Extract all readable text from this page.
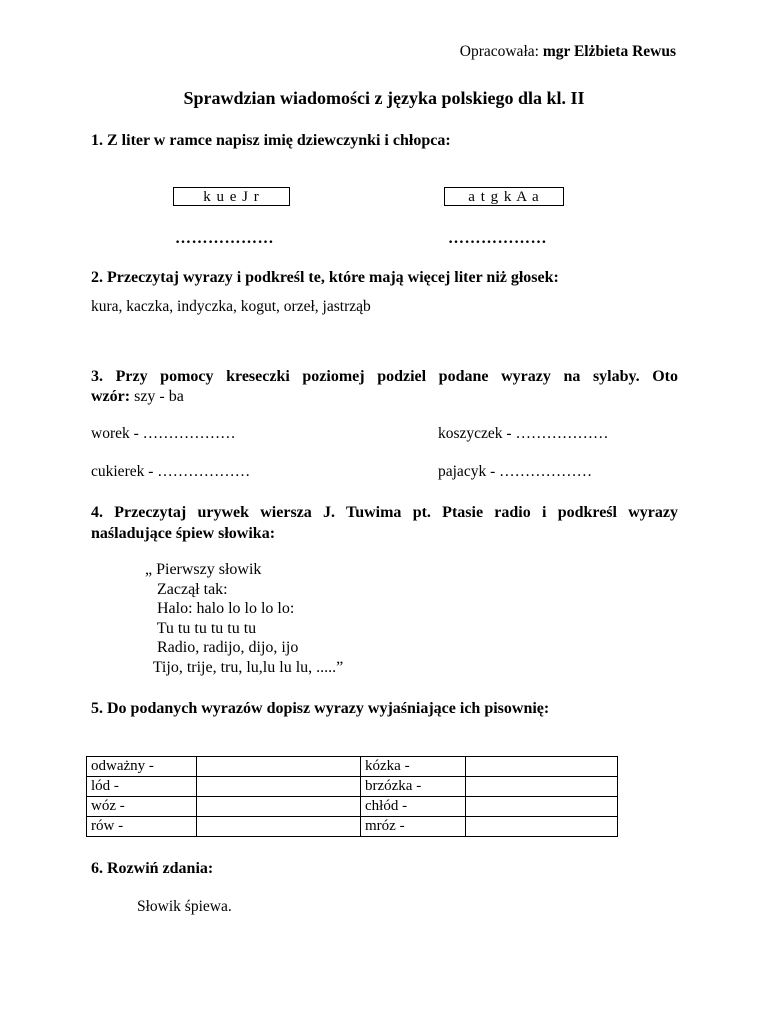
Opracowała: mgr Elżbieta Rewus
Sprawdzian wiadomości z języka polskiego dla kl. II
1. Z liter w ramce napisz imię dziewczynki i chłopca:
k u e J r	a t g k A a
………………	………………
2. Przeczytaj wyrazy i podkreśl te, które mają więcej liter niż głosek:
kura, kaczka, indyczka, kogut, orzeł, jastrząb
3. Przy pomocy kreseczki poziomej podziel podane wyrazy na sylaby. Oto
wzór: szy - ba
worek - ………………	koszyczek - ………………
cukierek - ………………	pajacyk - ………………
4. Przeczytaj urywek wiersza J. Tuwima pt. Ptasie radio i podkreśl wyrazy
naśladujące śpiew słowika:
„ Pierwszy słowik
Zaczął tak:
Halo: halo lo lo lo lo:
Tu tu tu tu tu tu
Radio, radijo, dijo, ijo
Tijo, trije, tru, lu,lu lu lu, .....”
5. Do podanych wyrazów dopisz wyrazy wyjaśniające ich pisownię:
odważny -		kózka -	
lód -		brzózka -	
wóz -		chłód -	
rów -		mróz -	
6. Rozwiń zdania:
Słowik śpiewa.
